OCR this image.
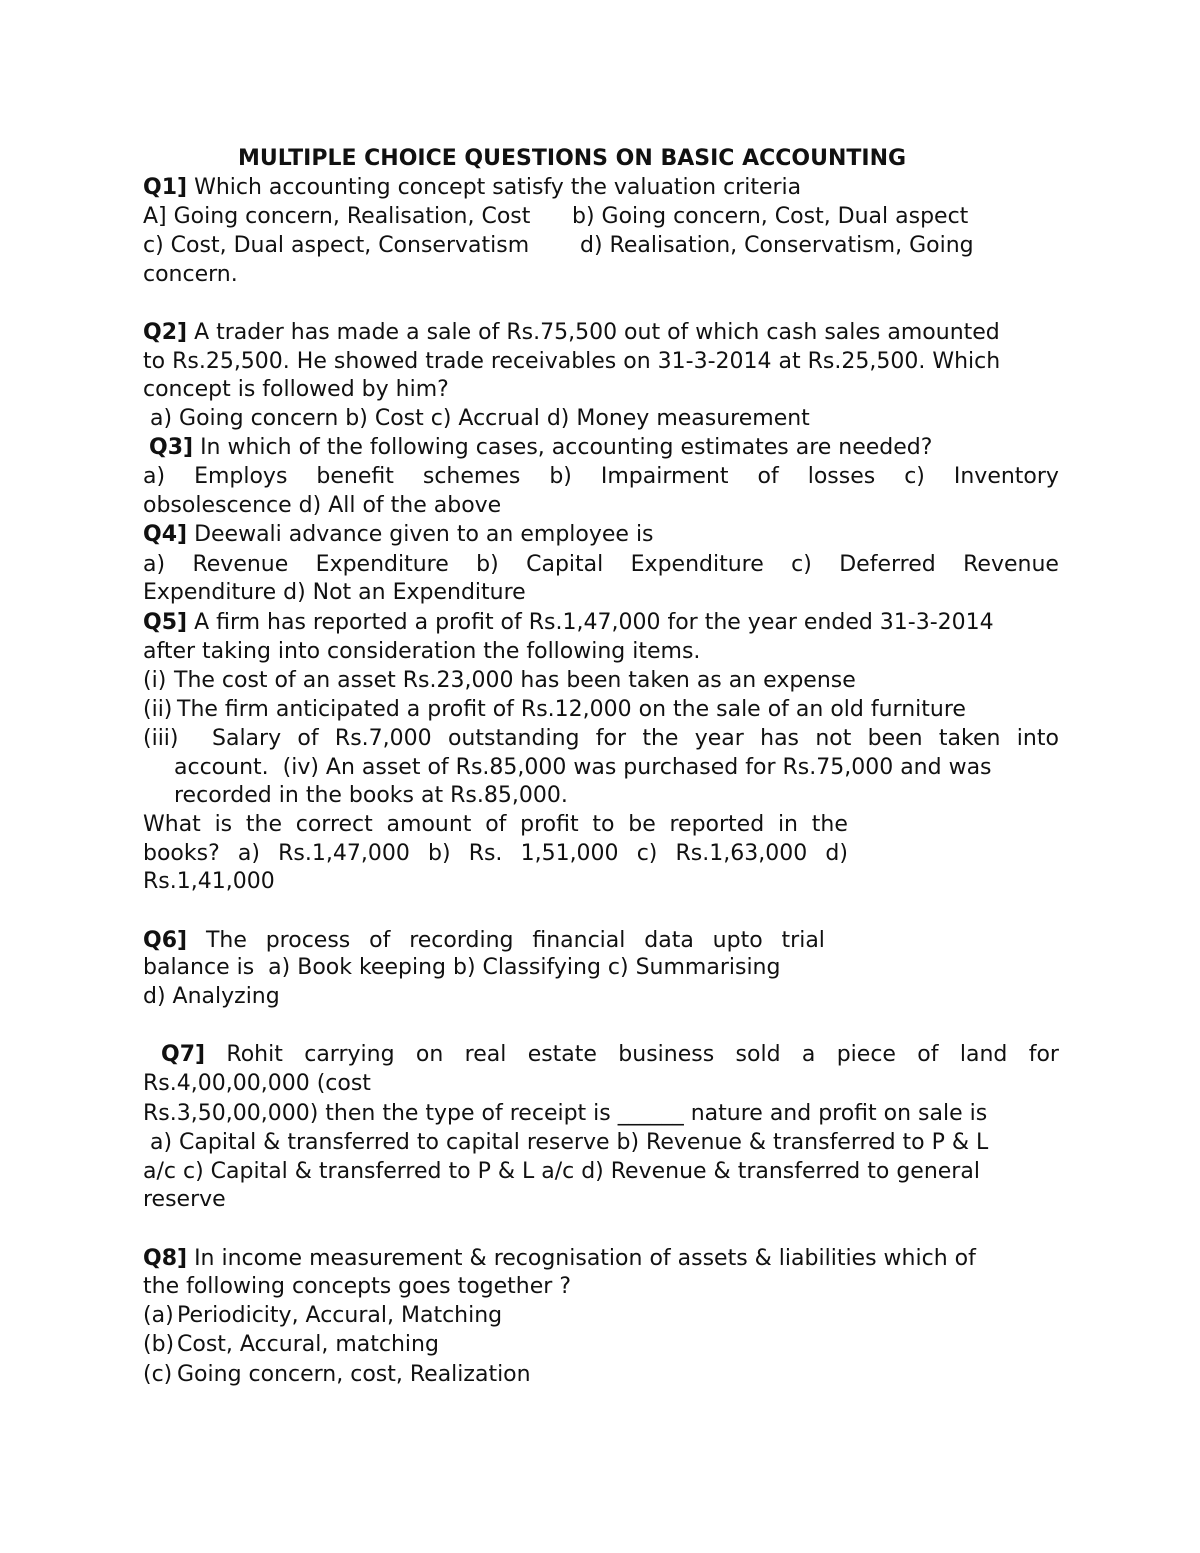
MULTIPLE CHOICE QUESTIONS ON BASIC ACCOUNTING
Q1] Which accounting concept satisfy the valuation criteria
A] Going concern, Realisation, Cost b) Going concern, Cost, Dual aspect
c) Cost, Dual aspect, Conservatism d) Realisation, Conservatism, Going
concern.
Q2] A trader has made a sale of Rs.75,500 out of which cash sales amounted
to Rs.25,500. He showed trade receivables on 31-3-2014 at Rs.25,500. Which
concept is followed by him?
a) Going concern b) Cost c) Accrual d) Money measurement
Q3] In which of the following cases, accounting estimates are needed?
a) Employs benefit schemes b) Impairment of losses c) Inventory
obsolescence d) All of the above
Q4] Deewali advance given to an employee is
a) Revenue Expenditure b) Capital Expenditure c) Deferred Revenue
Expenditure d) Not an Expenditure
Q5] A firm has reported a profit of Rs.1,47,000 for the year ended 31-3-2014
after taking into consideration the following items.
(i) The cost of an asset Rs.23,000 has been taken as an expense
(ii) The firm anticipated a profit of Rs.12,000 on the sale of an old furniture
(iii) Salary of Rs.7,000 outstanding for the year has not been taken into
account.  (iv) An asset of Rs.85,000 was purchased for Rs.75,000 and was
recorded in the books at Rs.85,000.
What is the correct amount of profit to be reported in the
books? a) Rs.1,47,000 b) Rs. 1,51,000 c) Rs.1,63,000 d)
Rs.1,41,000
Q6] The process of recording financial data upto trial
balance is  a) Book keeping b) Classifying c) Summarising
d) Analyzing
Q7] Rohit carrying on real estate business sold a piece of land for
Rs.4,00,00,000 (cost
Rs.3,50,00,000) then the type of receipt is ______ nature and profit on sale is
a) Capital & transferred to capital reserve b) Revenue & transferred to P & L
a/c c) Capital & transferred to P & L a/c d) Revenue & transferred to general
reserve
Q8] In income measurement & recognisation of assets & liabilities which of
the following concepts goes together ?
(a) Periodicity, Accural, Matching
(b) Cost, Accural, matching
(c) Going concern, cost, Realization
